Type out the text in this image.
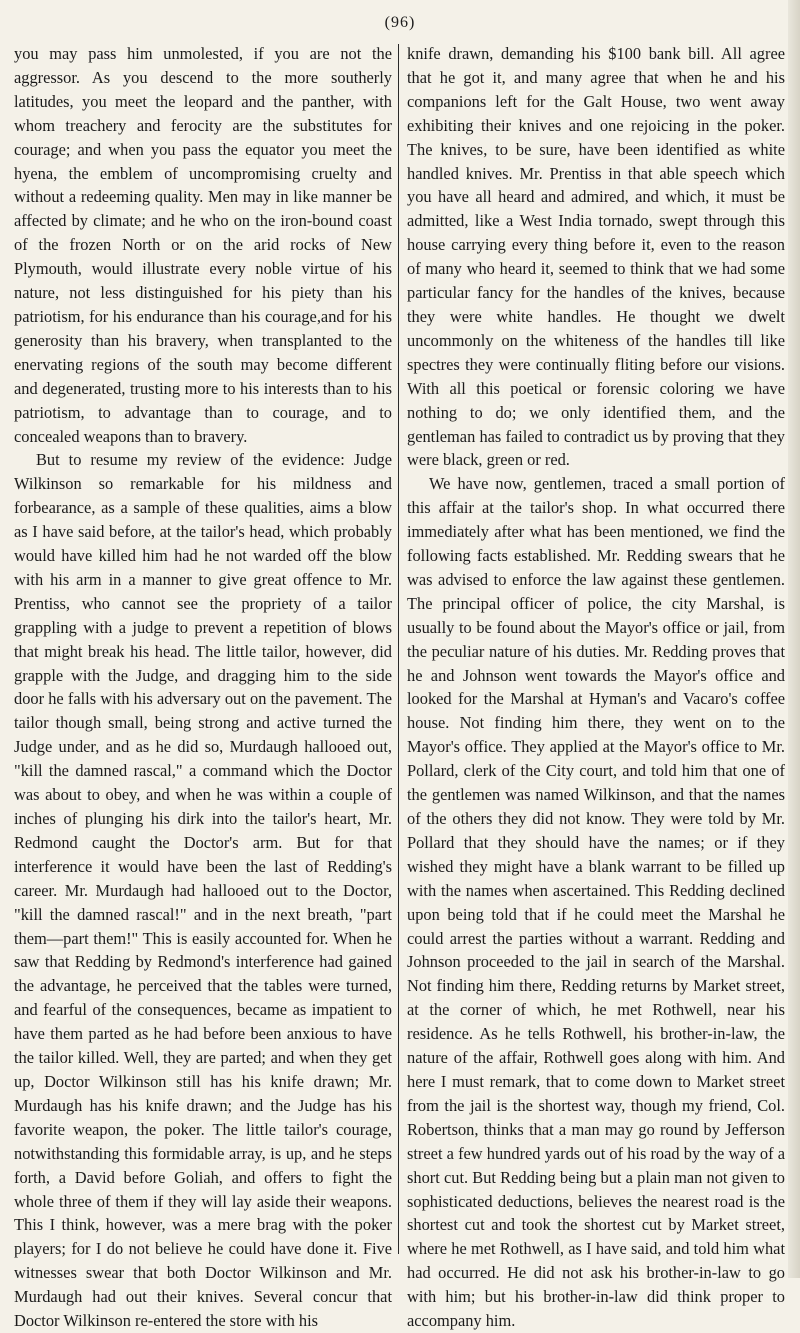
(96)

you may pass him unmolested, if you are not the aggressor. As you descend to the more southerly latitudes, you meet the leopard and the panther, with whom treachery and ferocity are the substitutes for courage; and when you pass the equator you meet the hyena, the emblem of uncompromising cruelty and without a redeeming quality. Men may in like manner be affected by climate; and he who on the iron-bound coast of the frozen North or on the arid rocks of New Plymouth, would illustrate every noble virtue of his nature, not less distinguished for his piety than his patriotism, for his endurance than his courage,and for his generosity than his bravery, when transplanted to the enervating regions of the south may become different and degenerated, trusting more to his interests than to his patriotism, to advantage than to courage, and to concealed weapons than to bravery.

But to resume my review of the evidence: Judge Wilkinson so remarkable for his mildness and forbearance, as a sample of these qualities, aims a blow as I have said before, at the tailor's head, which probably would have killed him had he not warded off the blow with his arm in a manner to give great offence to Mr. Prentiss, who cannot see the propriety of a tailor grappling with a judge to prevent a repetition of blows that might break his head. The little tailor, however, did grapple with the Judge, and dragging him to the side door he falls with his adversary out on the pavement. The tailor though small, being strong and active turned the Judge under, and as he did so, Murdaugh hallooed out, "kill the damned rascal," a command which the Doctor was about to obey, and when he was within a couple of inches of plunging his dirk into the tailor's heart, Mr. Redmond caught the Doctor's arm. But for that interference it would have been the last of Redding's career. Mr. Murdaugh had hallooed out to the Doctor, "kill the damned rascal!" and in the next breath, "part them—part them!" This is easily accounted for. When he saw that Redding by Redmond's interference had gained the advantage, he perceived that the tables were turned, and fearful of the consequences, became as impatient to have them parted as he had before been anxious to have the tailor killed. Well, they are parted; and when they get up, Doctor Wilkinson still has his knife drawn; Mr. Murdaugh has his knife drawn; and the Judge has his favorite weapon, the poker. The little tailor's courage, notwithstanding this formidable array, is up, and he steps forth, a David before Goliah, and offers to fight the whole three of them if they will lay aside their weapons. This I think, however, was a mere brag with the poker players; for I do not believe he could have done it. Five witnesses swear that both Doctor Wilkinson and Mr. Murdaugh had out their knives. Several concur that Doctor Wilkinson re-entered the store with his

knife drawn, demanding his $100 bank bill. All agree that he got it, and many agree that when he and his companions left for the Galt House, two went away exhibiting their knives and one rejoicing in the poker. The knives, to be sure, have been identified as white handled knives. Mr. Prentiss in that able speech which you have all heard and admired, and which, it must be admitted, like a West India tornado, swept through this house carrying every thing before it, even to the reason of many who heard it, seemed to think that we had some particular fancy for the handles of the knives, because they were white handles. He thought we dwelt uncommonly on the whiteness of the handles till like spectres they were continually fliting before our visions. With all this poetical or forensic coloring we have nothing to do; we only identified them, and the gentleman has failed to contradict us by proving that they were black, green or red.

We have now, gentlemen, traced a small portion of this affair at the tailor's shop. In what occurred there immediately after what has been mentioned, we find the following facts established. Mr. Redding swears that he was advised to enforce the law against these gentlemen. The principal officer of police, the city Marshal, is usually to be found about the Mayor's office or jail, from the peculiar nature of his duties. Mr. Redding proves that he and Johnson went towards the Mayor's office and looked for the Marshal at Hyman's and Vacaro's coffee house. Not finding him there, they went on to the Mayor's office. They applied at the Mayor's office to Mr. Pollard, clerk of the City court, and told him that one of the gentlemen was named Wilkinson, and that the names of the others they did not know. They were told by Mr. Pollard that they should have the names; or if they wished they might have a blank warrant to be filled up with the names when ascertained. This Redding declined upon being told that if he could meet the Marshal he could arrest the parties without a warrant. Redding and Johnson proceeded to the jail in search of the Marshal. Not finding him there, Redding returns by Market street, at the corner of which, he met Rothwell, near his residence. As he tells Rothwell, his brother-in-law, the nature of the affair, Rothwell goes along with him. And here I must remark, that to come down to Market street from the jail is the shortest way, though my friend, Col. Robertson, thinks that a man may go round by Jefferson street a few hundred yards out of his road by the way of a short cut. But Redding being but a plain man not given to sophisticated deductions, believes the nearest road is the shortest cut and took the shortest cut by Market street, where he met Rothwell, as I have said, and told him what had occurred. He did not ask his brother-in-law to go with him; but his brother-in-law did think proper to accompany him.
